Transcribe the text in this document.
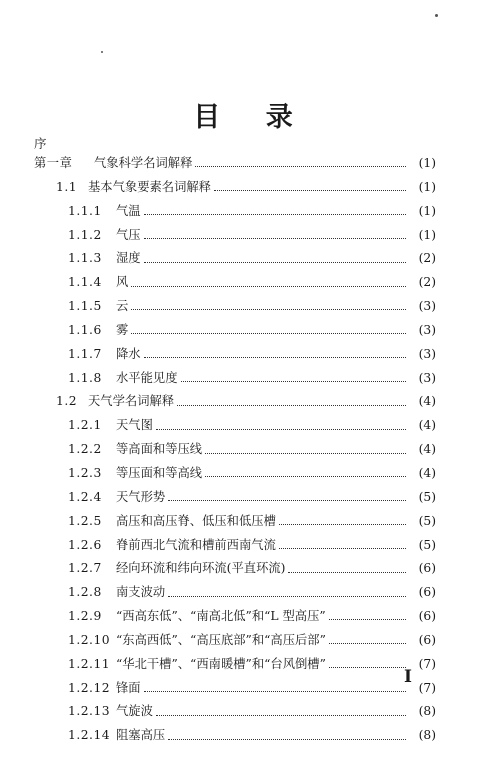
目 录
序
第一章	气象科学名词解释	(1)
1.1 基本气象要素名词解释	(1)
1.1.1	气温	(1)
1.1.2	气压	(1)
1.1.3	湿度	(2)
1.1.4	风	(2)
1.1.5	云	(3)
1.1.6	雾	(3)
1.1.7	降水	(3)
1.1.8	水平能见度	(3)
1.2 天气学名词解释	(4)
1.2.1	天气图	(4)
1.2.2	等高面和等压线	(4)
1.2.3	等压面和等高线	(4)
1.2.4	天气形势	(5)
1.2.5	高压和高压脊、低压和低压槽	(5)
1.2.6	脊前西北气流和槽前西南气流	(5)
1.2.7	经向环流和纬向环流(平直环流)	(6)
1.2.8	南支波动	(6)
1.2.9	“西高东低”、“南高北低”和“L 型高压”	(6)
1.2.10 “东高西低”、“高压底部”和“高压后部”	(6)
1.2.11 “华北干槽”、“西南暖槽”和“台风倒槽”	(7)
1.2.12 锋面	(7)
1.2.13 气旋波	(8)
1.2.14 阻塞高压	(8)
I
